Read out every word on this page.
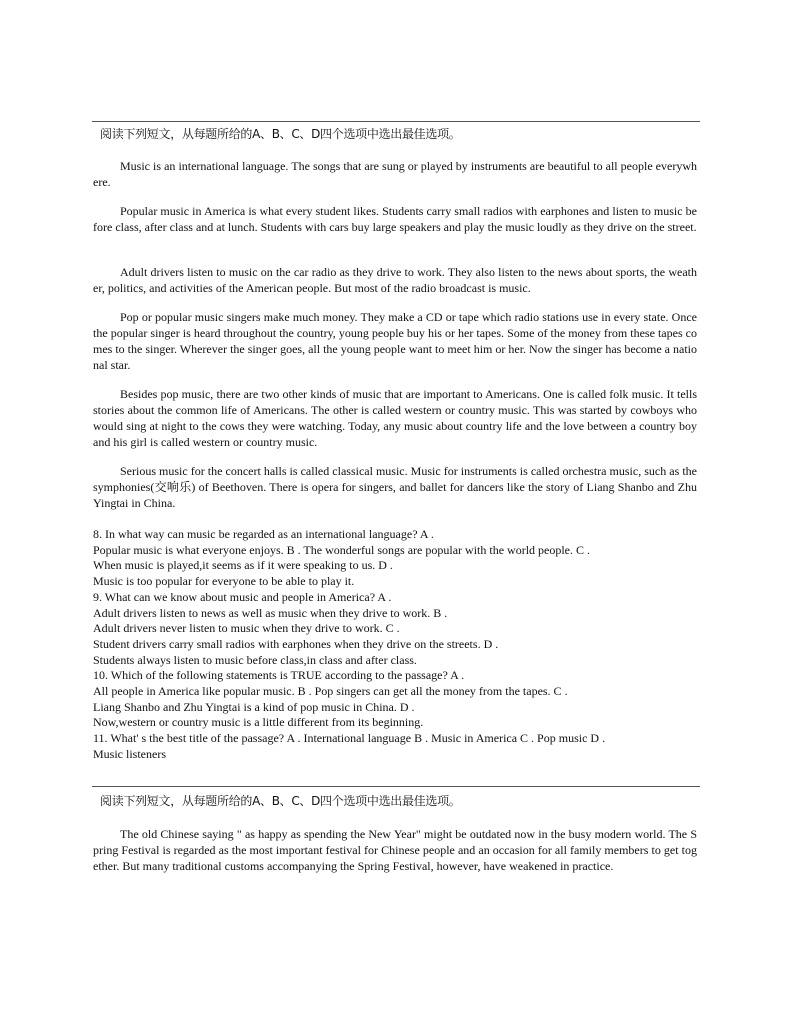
阅读下列短文，从每题所给的A、B、C、D四个选项中选出最佳选项。

Music is an international language. The songs that are sung or played by instruments are beautiful to all people everywhere.

Popular music in America is what every student likes. Students carry small radios with earphones and listen to music before class, after class and at lunch. Students with cars buy large speakers and play the music loudly as they drive on the street.

Adult drivers listen to music on the car radio as they drive to work. They also listen to the news about sports, the weather, politics, and activities of the American people. But most of the radio broadcast is music.

Pop or popular music singers make much money. They make a CD or tape which radio stations use in every state. Once the popular singer is heard throughout the country, young people buy his or her tapes. Some of the money from these tapes comes to the singer. Wherever the singer goes, all the young people want to meet him or her. Now the singer has become a national star.

Besides pop music, there are two other kinds of music that are important to Americans. One is called folk music. It tells stories about the common life of Americans. The other is called western or country music. This was started by cowboys who would sing at night to the cows they were watching. Today, any music about country life and the love between a country boy and his girl is called western or country music.

Serious music for the concert halls is called classical music. Music for instruments is called orchestra music, such as the symphonies(交响乐) of Beethoven. There is opera for singers, and ballet for dancers like the story of Liang Shanbo and Zhu Yingtai in China.

8. In what way can music be regarded as an international language? A .
Popular music is what everyone enjoys. B . The wonderful songs are popular with the world people. C .
When music is played,it seems as if it were speaking to us. D .
Music is too popular for everyone to be able to play it.
9. What can we know about music and people in America? A .
Adult drivers listen to news as well as music when they drive to work. B .
Adult drivers never listen to music when they drive to work. C .
Student drivers carry small radios with earphones when they drive on the streets. D .
Students always listen to music before class,in class and after class.
10. Which of the following statements is TRUE according to the passage? A .
All people in America like popular music. B . Pop singers can get all the money from the tapes. C .
Liang Shanbo and Zhu Yingtai is a kind of pop music in China. D .
Now,western or country music is a little different from its beginning.
11. What' s the best title of the passage? A . International language B . Music in America C . Pop music D .
Music listeners
阅读下列短文，从每题所给的A、B、C、D四个选项中选出最佳选项。

The old Chinese saying " as happy as spending the New Year" might be outdated now in the busy modern world. The Spring Festival is regarded as the most important festival for Chinese people and an occasion for all family members to get together. But many traditional customs accompanying the Spring Festival, however, have weakened in practice.
